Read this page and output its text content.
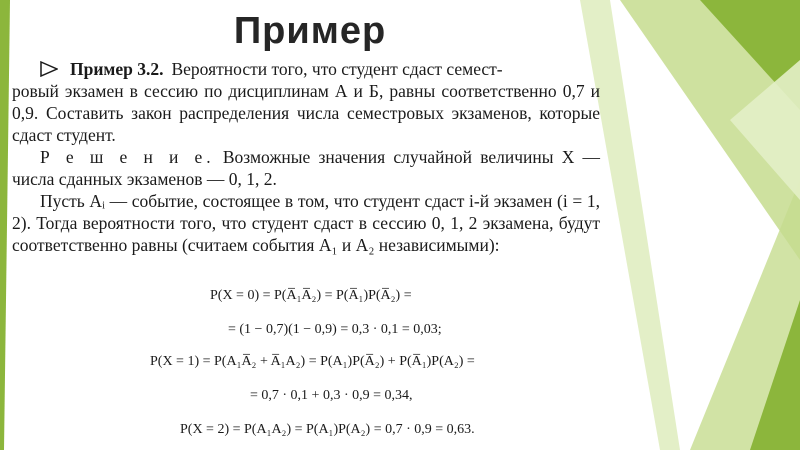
Пример

Пример 3.2. Вероятности того, что студент сдаст семест-

ровый экзамен в сессию по дисциплинам А и Б, равны соответственно 0,7 и 0,9. Составить закон распределения числа семестровых экзаменов, которые сдаст студент.

Р е ш е н и е. Возможные значения случайной величины X — числа сданных экзаменов — 0, 1, 2.

Пусть Aᵢ — событие, состоящее в том, что студент сдаст i-й экзамен (i = 1, 2). Тогда вероятности того, что студент сдаст в сессию 0, 1, 2 экзамена, будут соответственно равны (считаем события A₁ и A₂ независимыми):

P(X = 0) = P(A̅₁A̅₂) = P(A̅₁)P(A̅₂) =
= (1 − 0,7)(1 − 0,9) = 0,3 · 0,1 = 0,03;
P(X = 1) = P(A₁A̅₂ + A̅₁A₂) = P(A₁)P(A̅₂) + P(A̅₁)P(A₂) =
= 0,7 · 0,1 + 0,3 · 0,9 = 0,34,
P(X = 2) = P(A₁A₂) = P(A₁)P(A₂) = 0,7 · 0,9 = 0,63.
